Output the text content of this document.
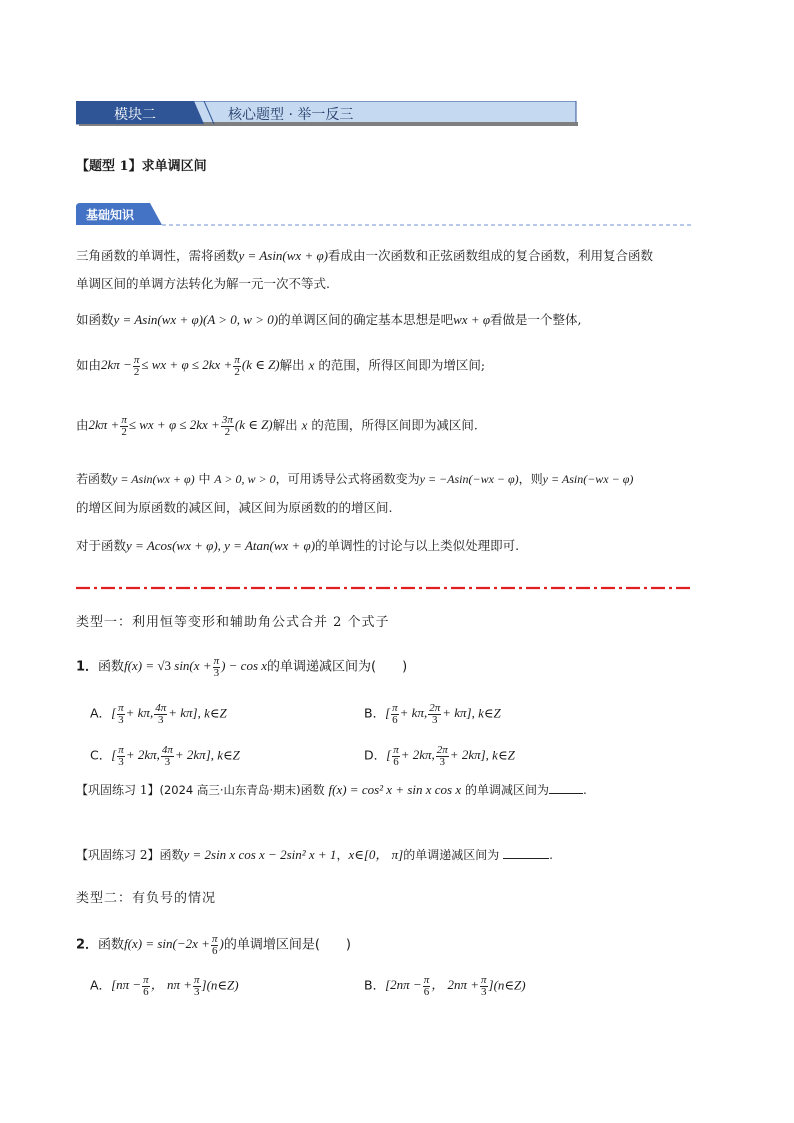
模块二	核心题型 · 举一反三
【题型 1】求单调区间
基础知识
三角函数的单调性，需将函数y = Asin(wx + φ)看成由一次函数和正弦函数组成的复合函数，利用复合函数
单调区间的单调方法转化为解一元一次不等式.
如函数y = Asin(wx + φ)(A > 0, w > 0)的单调区间的确定基本思想是吧wx + φ看做是一个整体,
如由$2k\pi - \frac{\pi}{2}$ ≤ wx + $\varphi \le 2kx + \frac{\pi}{2} (k$ ∈ Z)解出 x 的范围，所得区间即为增区间;
由$2k\pi + \frac{\pi}{2}$ ≤ wx + $\varphi \le 2kx + \frac{3\pi}{2} (k$ ∈ Z)解出 x 的范围，所得区间即为减区间.
若函数y = Asin(wx + φ) 中 A > 0, w > 0，可用诱导公式将函数变为y = −Asin(−wx − φ)，则y = Asin(−wx − φ)
的增区间为原函数的减区间，减区间为原函数的的增区间.
对于函数y = Acos(wx + φ), y = Atan(wx + φ)的单调性的讨论与以上类似处理即可.
类型一：利用恒等变形和辅助角公式合并 2 个式子
1．函数f(x) = √3 $\sin(x + \frac{\pi}{3}$ ) − cos x的单调递减区间为(　　)
A．[ $\frac{\pi}{3} + k\pi$, $\frac{4\pi}{3} + k\pi$], k∈Z	B．[ $\frac{\pi}{6} + k\pi$, $\frac{2\pi}{3} + k\pi$], k∈Z
C．[ $\frac{\pi}{3} + 2k\pi$, $\frac{4\pi}{3} + 2k\pi$], k∈Z	D．[ $\frac{\pi}{6} + 2k\pi$, $\frac{2\pi}{3} + 2k\pi$], k∈Z
【巩固练习 1】(2024 高三·山东青岛·期末)函数 f(x) = cos² x + sin x cos x 的单调减区间为	.
【巩固练习 2】函数y = 2sin x cos x − 2sin² x + 1，x∈[0， π]的单调递减区间为	.
类型二：有负号的情况
2．函数$f(x) = \sin(-2x + \frac{\pi}{6}$ )的单调增区间是(　　)
A．[$n\pi - \frac{\pi}{6}$ ， $n\pi + \frac{\pi}{3}$ ](n∈Z)	B．[$2n\pi - \frac{\pi}{6}$ ， $2n\pi + \frac{\pi}{3}$ ](n∈Z)
